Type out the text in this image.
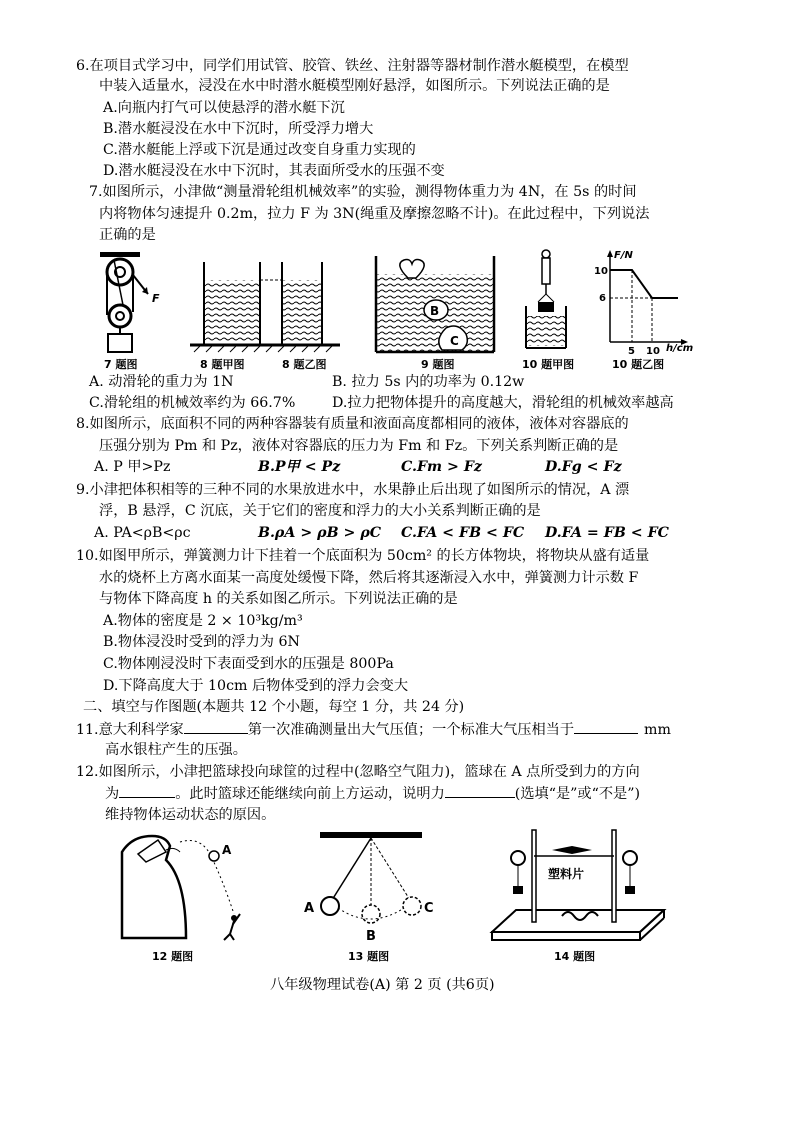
6.在项目式学习中，同学们用试管、胶管、铁丝、注射器等器材制作潜水艇模型，在模型
中装入适量水，浸没在水中时潜水艇模型刚好悬浮，如图所示。下列说法正确的是
A.向瓶内打气可以使悬浮的潜水艇下沉
B.潜水艇浸没在水中下沉时，所受浮力增大
C.潜水艇能上浮或下沉是通过改变自身重力实现的
D.潜水艇浸没在水中下沉时，其表面所受水的压强不变
7.如图所示，小津做“测量滑轮组机械效率”的实验，测得物体重力为 4N，在 5s 的时间
内将物体匀速提升 0.2m，拉力 F 为 3N(绳重及摩擦忽略不计)。在此过程中，下列说法
正确的是
F
7 题图	8 题甲图	8 题乙图
B
C
9 题图	10 题甲图
F/N
10
6
5 10 h/cm
10 题乙图
A. 动滑轮的重力为 1N	B. 拉力 5s 内的功率为 0.12w
C.滑轮组的机械效率约为 66.7%	D.拉力把物体提升的高度越大，滑轮组的机械效率越高
8.如图所示，底面积不同的两种容器装有质量和液面高度都相同的液体，液体对容器底的
压强分别为 Pm 和 Pz，液体对容器底的压力为 Fm 和 Fz。下列关系判断正确的是
A. P 甲>Pz	B.P甲 < Pz	C.Fm > Fz	D.Fg < Fz
9.小津把体积相等的三种不同的水果放进水中，水果静止后出现了如图所示的情况，A 漂
浮，B 悬浮，C 沉底，关于它们的密度和浮力的大小关系判断正确的是
A. PA<ρB<ρc	B.ρA > ρB > ρC C.FA < FB < FC D.FA = FB < FC
10.如图甲所示，弹簧测力计下挂着一个底面积为 50cm² 的长方体物块，将物块从盛有适量
水的烧杯上方离水面某一高度处缓慢下降，然后将其逐渐浸入水中，弹簧测力计示数 F
与物体下降高度 h 的关系如图乙所示。下列说法正确的是
A.物体的密度是 2 × 10³kg/m³
B.物体浸没时受到的浮力为 6N
C.物体刚浸没时下表面受到水的压强是 800Pa
D.下降高度大于 10cm 后物体受到的浮力会变大
二、填空与作图题(本题共 12 个小题，每空 1 分，共 24 分)
11.意大利科学家	第一次准确测量出大气压值；一个标准大气压相当于	mm
高水银柱产生的压强。
12.如图所示，小津把篮球投向球筐的过程中(忽略空气阻力)，篮球在 A 点所受到力的方向
为	。此时篮球还能继续向前上方运动，说明力	(选填“是”或“不是”)
维持物体运动状态的原因。
A
12 题图
A
B
C
13 题图
塑料片
14 题图
八年级物理试卷(A) 第 2 页 (共6页)
